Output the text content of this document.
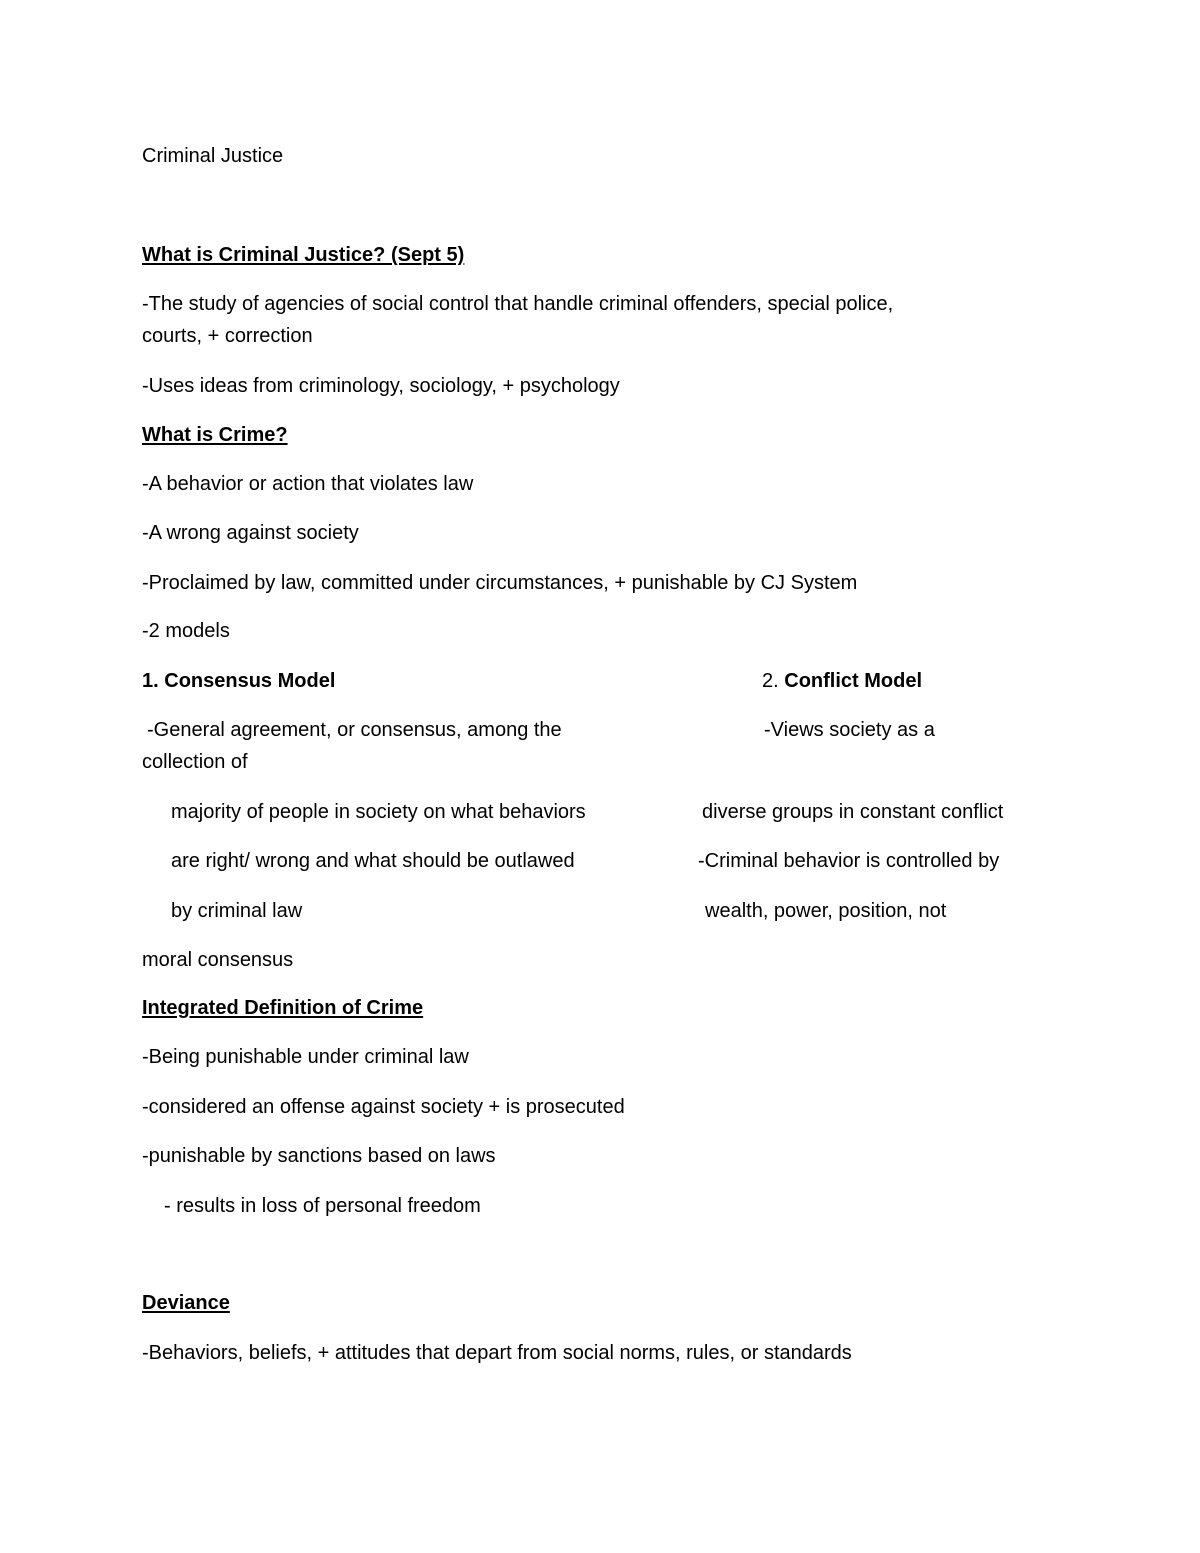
Criminal Justice
What is Criminal Justice? (Sept 5)
-The study of agencies of social control that handle criminal offenders, special police,
courts, + correction
-Uses ideas from criminology, sociology, + psychology
What is Crime?
-A behavior or action that violates law
-A wrong against society
-Proclaimed by law, committed under circumstances, + punishable by CJ System
-2 models
1. Consensus Model	2. Conflict Model
-General agreement, or consensus, among the	-Views society as a
collection of
majority of people in society on what behaviors	diverse groups in constant conflict
are right/ wrong and what should be outlawed	-Criminal behavior is controlled by
by criminal law	wealth, power, position, not
moral consensus
Integrated Definition of Crime
-Being punishable under criminal law
-considered an offense against society + is prosecuted
-punishable by sanctions based on laws
- results in loss of personal freedom
Deviance
-Behaviors, beliefs, + attitudes that depart from social norms, rules, or standards
